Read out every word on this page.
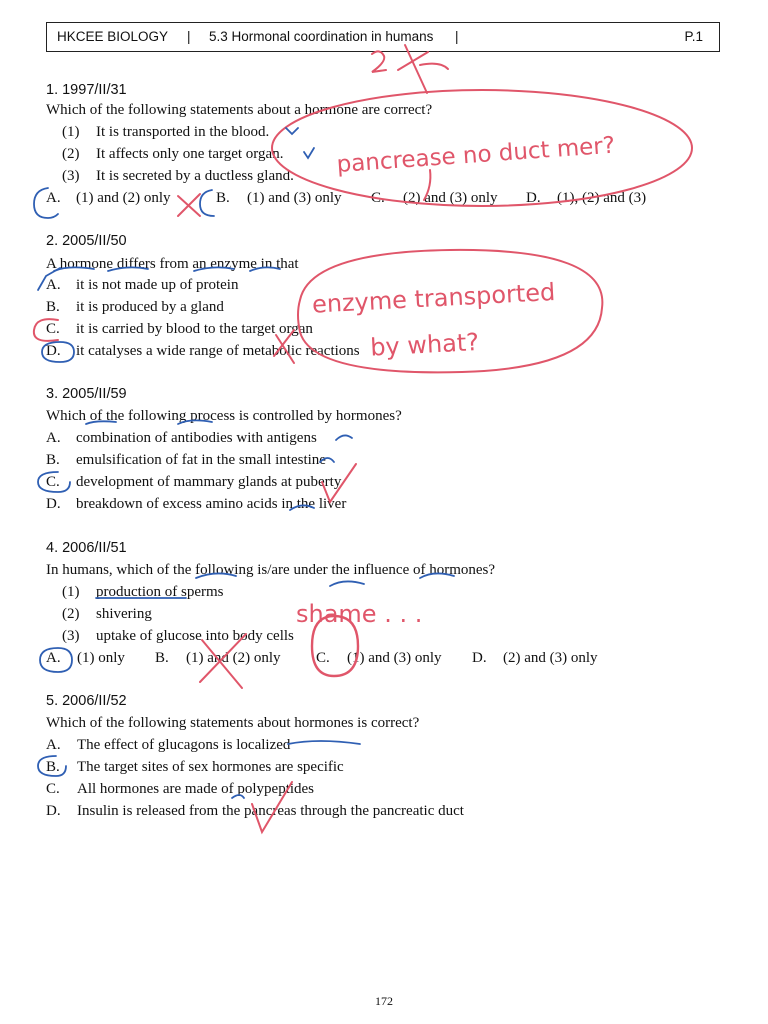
HKCEE BIOLOGY | 5.3 Hormonal coordination in humans |	P.1
1. 1997/II/31
Which of the following statements about a hormone are correct?
(1) It is transported in the blood.
(2) It affects only one target organ.
(3) It is secreted by a ductless gland.
A. (1) and (2) only	B. (1) and (3) only C. (2) and (3) only D. (1), (2) and (3)
2. 2005/II/50
A hormone differs from an enzyme in that
A. it is not made up of protein
B. it is produced by a gland
C. it is carried by blood to the target organ
D. it catalyses a wide range of metabolic reactions
3. 2005/II/59
Which of the following process is controlled by hormones?
A. combination of antibodies with antigens
B. emulsification of fat in the small intestine
C. development of mammary glands at puberty
D. breakdown of excess amino acids in the liver
4. 2006/II/51
In humans, which of the following is/are under the influence of hormones?
(1) production of sperms
(2) shivering
(3) uptake of glucose into body cells
A. (1) only B. (1) and (2) only C. (1) and (3) only D. (2) and (3) only
5. 2006/II/52
Which of the following statements about hormones is correct?
A. The effect of glucagons is localized
B. The target sites of sex hormones are specific
C. All hormones are made of polypeptides
D. Insulin is released from the pancreas through the pancreatic duct
172
pancrease no duct mer?
enzyme transported
by what?
shame . . .
